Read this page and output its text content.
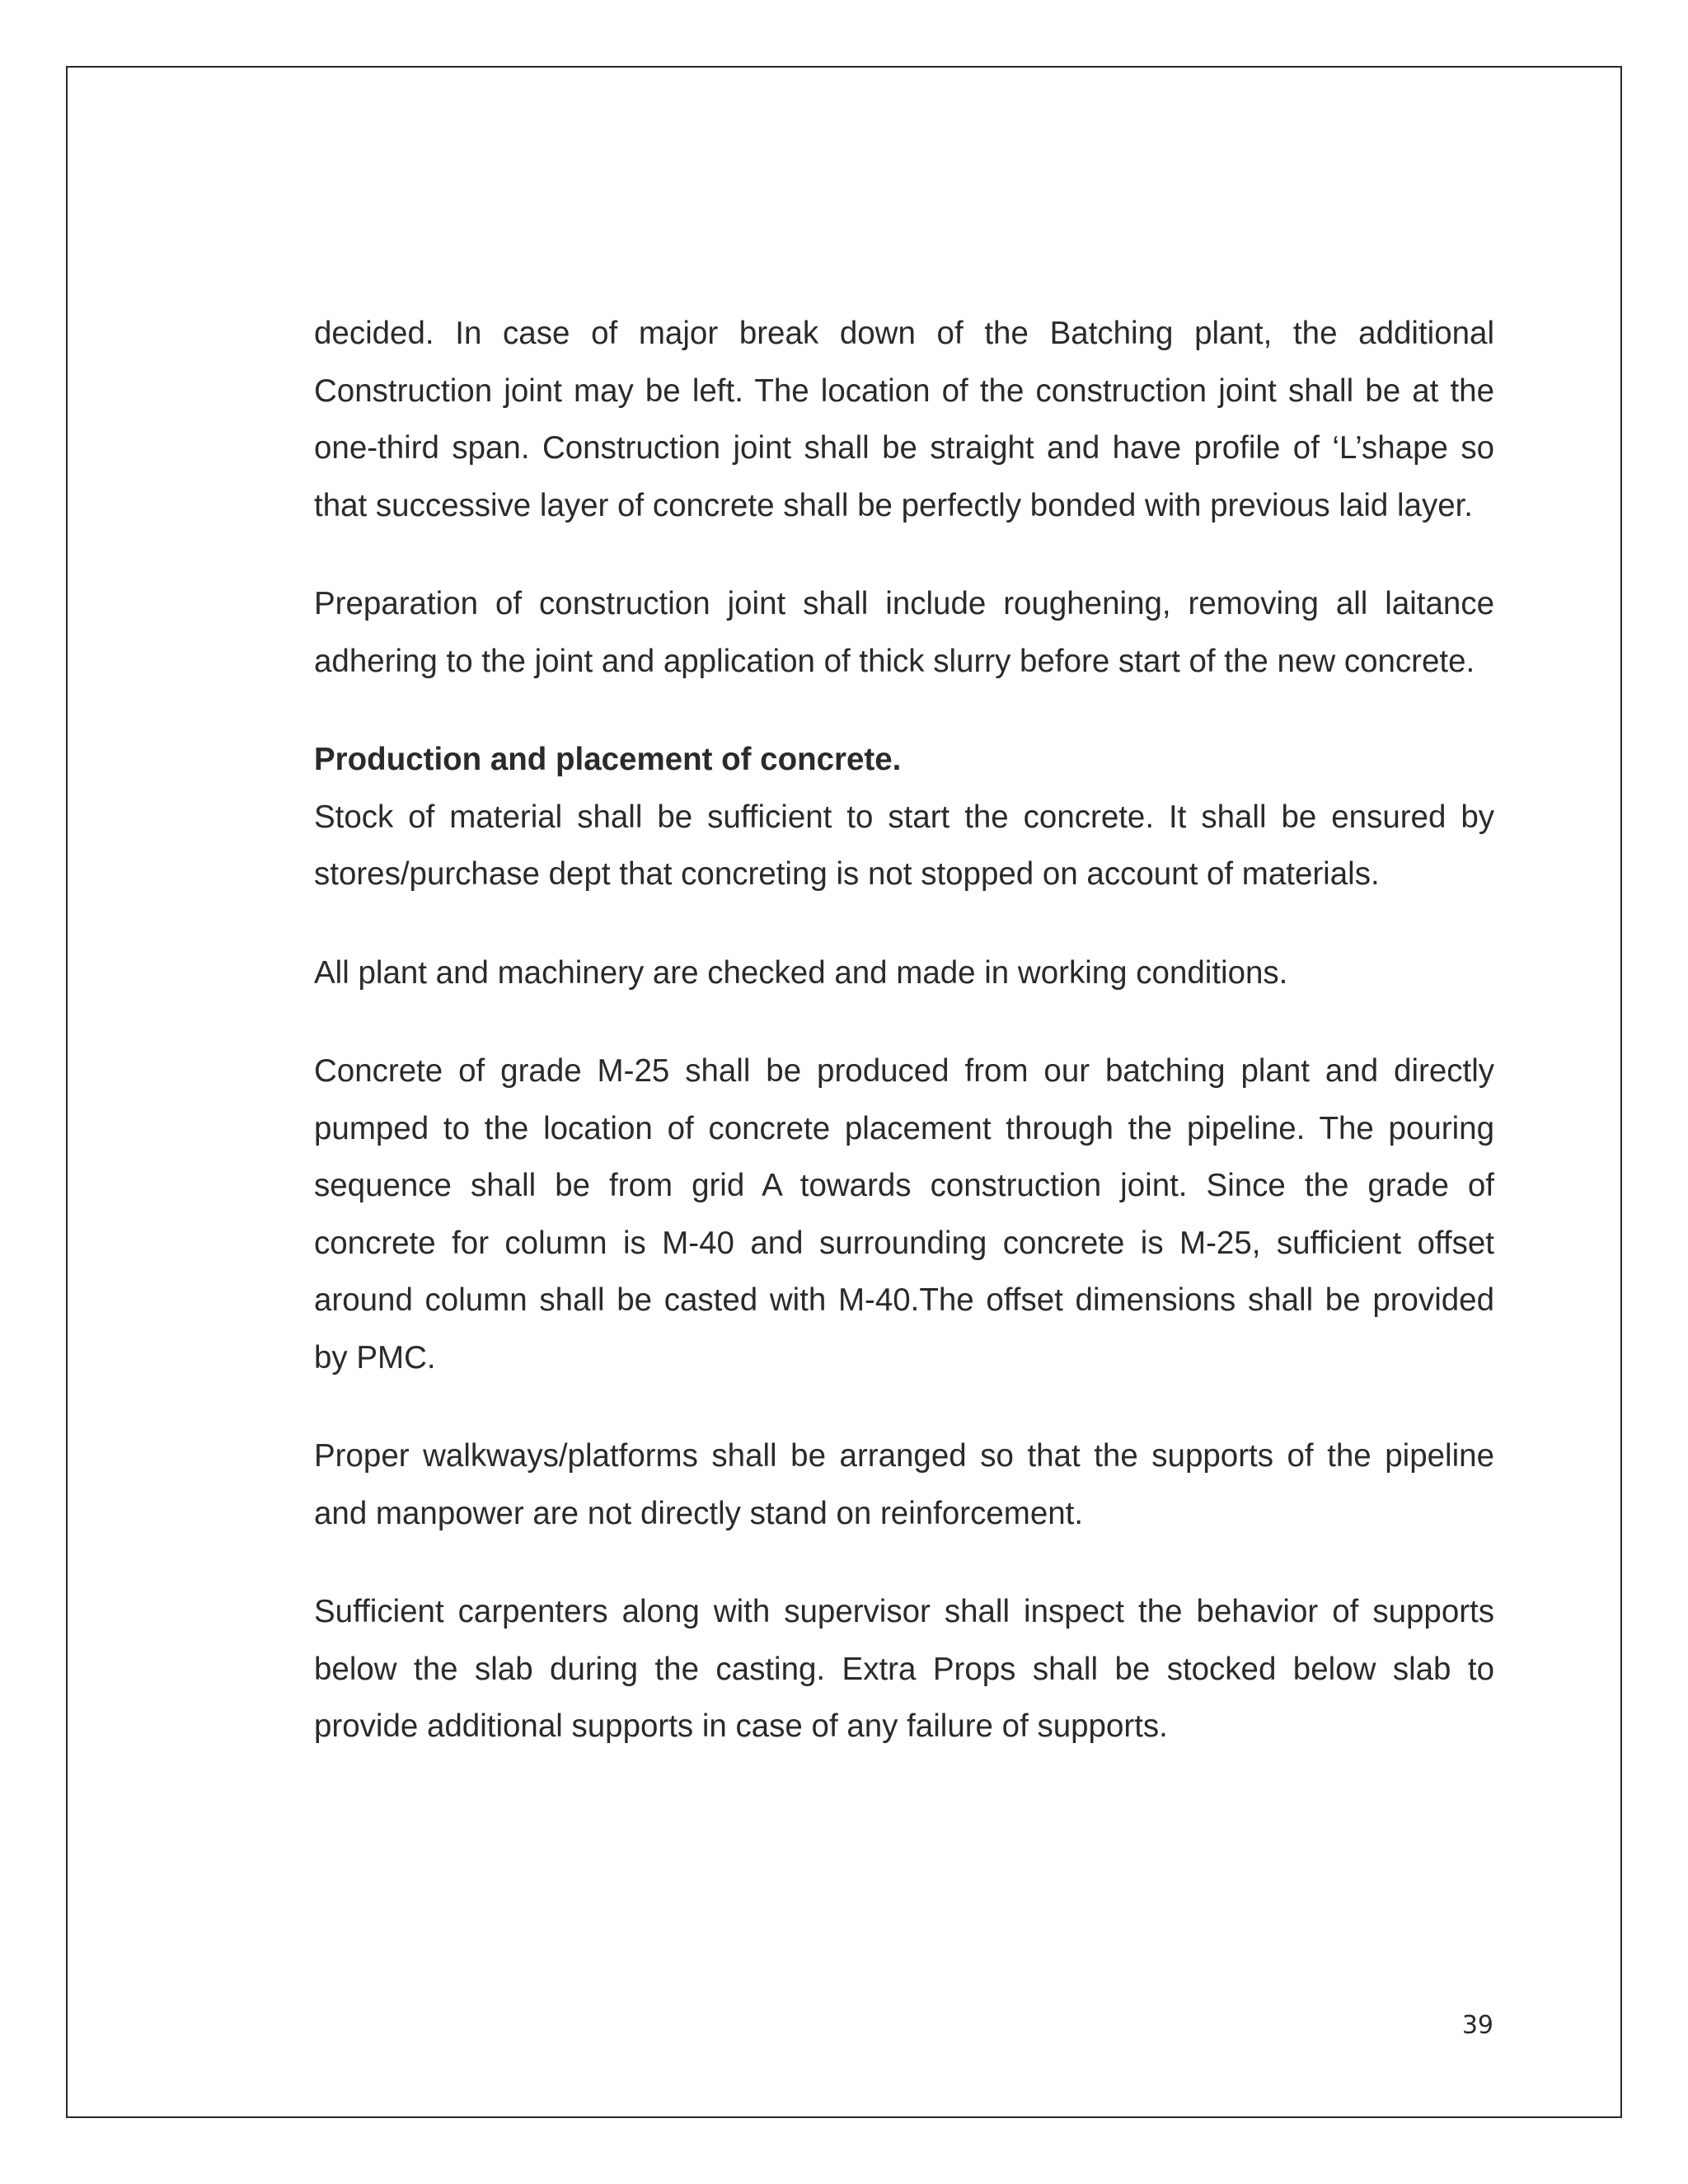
decided. In case of major break down of the Batching plant, the additional Construction joint may be left. The location of the construction joint shall be at the one-third span. Construction joint shall be straight and have profile of ‘L’shape so that successive layer of concrete shall be perfectly bonded with previous laid layer.

Preparation of construction joint shall include roughening, removing all laitance adhering to the joint and application of thick slurry before start of the new concrete.

Production and placement of concrete.

Stock of material shall be sufficient to start the concrete. It shall be ensured by stores/purchase dept that concreting is not stopped on account of materials.

All plant and machinery are checked and made in working conditions.

Concrete of grade M-25 shall be produced from our batching plant and directly pumped to the location of concrete placement through the pipeline. The pouring sequence shall be from grid A towards construction joint. Since the grade of concrete for column is M-40 and surrounding concrete is M-25, sufficient offset around column shall be casted with M-40.The offset dimensions shall be provided by PMC.

Proper walkways/platforms shall be arranged so that the supports of the pipeline and manpower are not directly stand on reinforcement.

Sufficient carpenters along with supervisor shall inspect the behavior of supports below the slab during the casting. Extra Props shall be stocked below slab to provide additional supports in case of any failure of supports.

39
